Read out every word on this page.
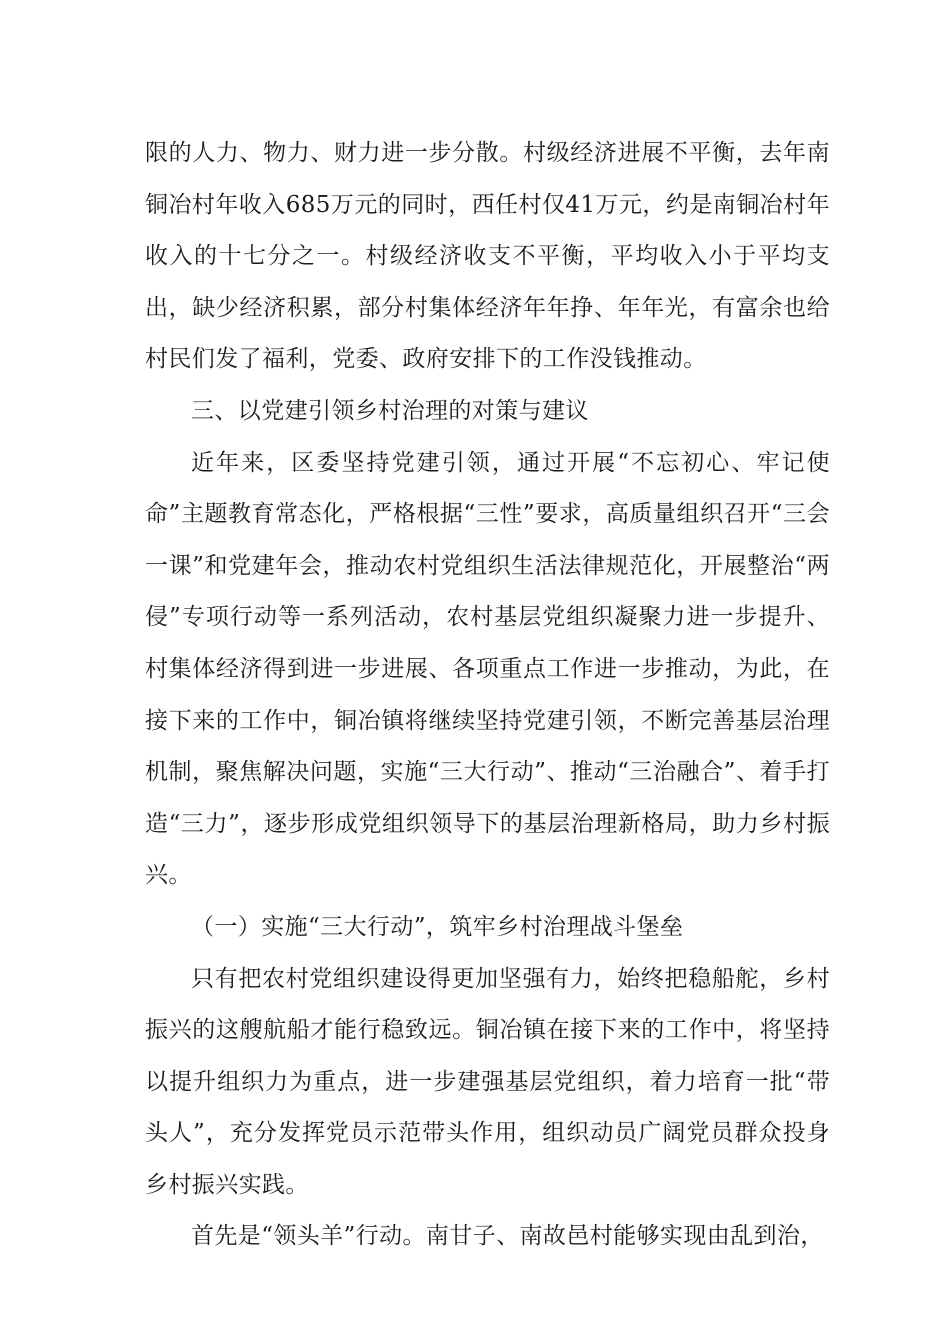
限的人力、物力、财力进一步分散。村级经济进展不平衡，去年南铜冶村年收入685万元的同时，西任村仅41万元，约是南铜冶村年收入的十七分之一。村级经济收支不平衡，平均收入小于平均支出，缺少经济积累，部分村集体经济年年挣、年年光，有富余也给村民们发了福利，党委、政府安排下的工作没钱推动。

三、以党建引领乡村治理的对策与建议

近年来，区委坚持党建引领，通过开展“不忘初心、牢记使命”主题教育常态化，严格根据“三性”要求，高质量组织召开“三会一课”和党建年会，推动农村党组织生活法律规范化，开展整治“两侵”专项行动等一系列活动，农村基层党组织凝聚力进一步提升、村集体经济得到进一步进展、各项重点工作进一步推动，为此，在接下来的工作中，铜冶镇将继续坚持党建引领，不断完善基层治理机制，聚焦解决问题，实施“三大行动”、推动“三治融合”、着手打造“三力”，逐步形成党组织领导下的基层治理新格局，助力乡村振兴。

（一）实施“三大行动”，筑牢乡村治理战斗堡垒

只有把农村党组织建设得更加坚强有力，始终把稳船舵，乡村振兴的这艘航船才能行稳致远。铜冶镇在接下来的工作中，将坚持以提升组织力为重点，进一步建强基层党组织，着力培育一批“带头人”，充分发挥党员示范带头作用，组织动员广阔党员群众投身乡村振兴实践。

首先是“领头羊”行动。南甘子、南故邑村能够实现由乱到治，
